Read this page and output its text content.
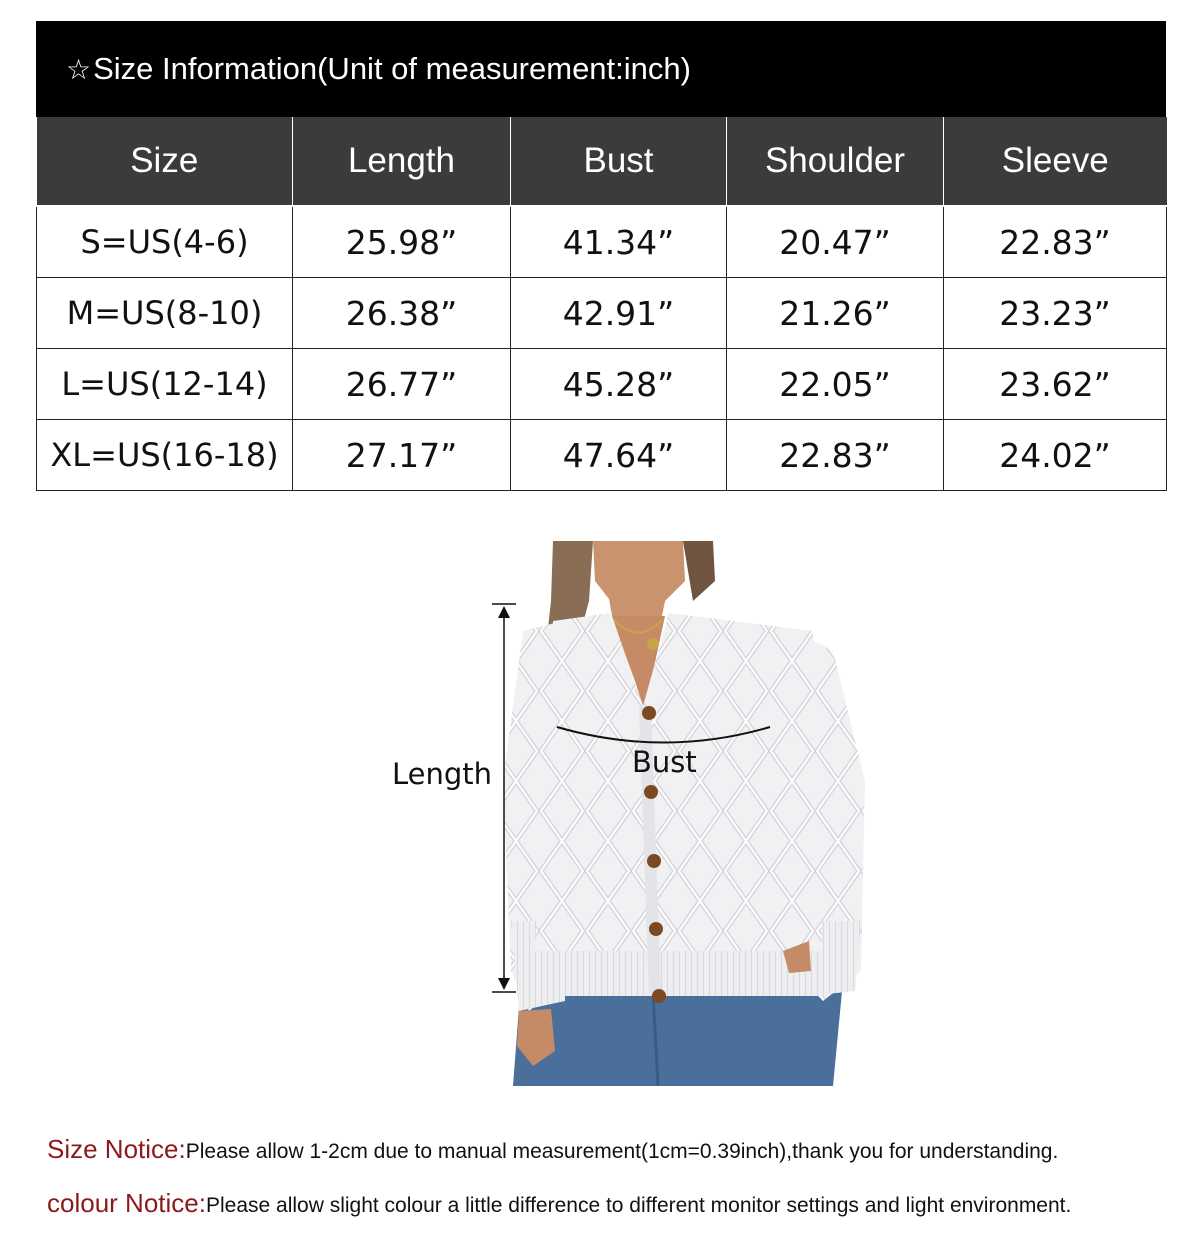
☆ Size Information(Unit of measurement:inch)
Size	Length	Bust	Shoulder	Sleeve
S=US(4-6)	25.98”	41.34”	20.47”	22.83”
M=US(8-10)	26.38”	42.91”	21.26”	23.23”
L=US(12-14)	26.77”	45.28”	22.05”	23.62”
XL=US(16-18)	27.17”	47.64”	22.83”	24.02”
Length	Bust
Size Notice:Please allow 1-2cm due to manual measurement(1cm=0.39inch),thank you for understanding.
colour Notice:Please allow slight colour a little difference to different monitor settings and light environment.
